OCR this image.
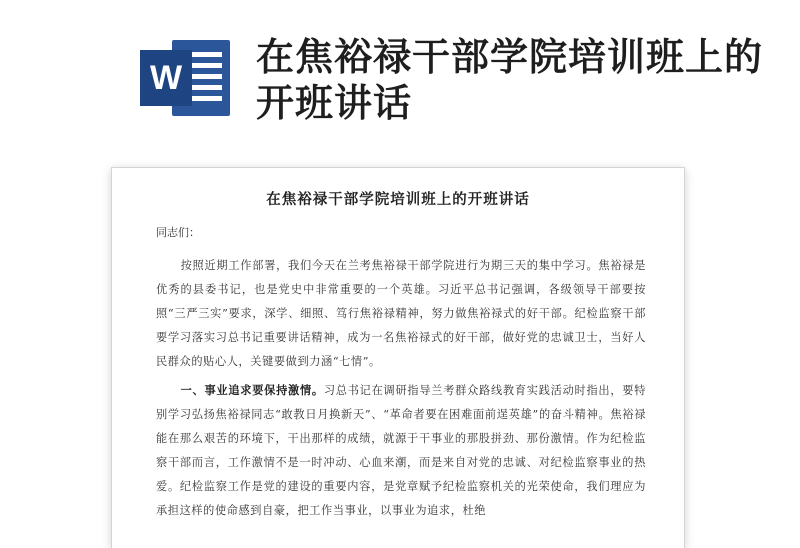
W 在焦裕禄干部学院培训班上的开班讲话
在焦裕禄干部学院培训班上的开班讲话
同志们：

按照近期工作部署，我们今天在兰考焦裕禄干部学院进行为期三天的集中学习。焦裕禄是优秀的县委书记，也是党史中非常重要的一个英雄。习近平总书记强调，各级领导干部要按照“三严三实”要求，深学、细照、笃行焦裕禄精神，努力做焦裕禄式的好干部。纪检监察干部要学习落实习总书记重要讲话精神，成为一名焦裕禄式的好干部，做好党的忠诚卫士，当好人民群众的贴心人，关键要做到力涵“七情”。

一、事业追求要保持激情。习总书记在调研指导兰考群众路线教育实践活动时指出，要特别学习弘扬焦裕禄同志“敢教日月换新天”、“革命者要在困难面前逞英雄”的奋斗精神。焦裕禄能在那么艰苦的环境下，干出那样的成绩，就源于干事业的那股拼劲、那份激情。作为纪检监察干部而言，工作激情不是一时冲动、心血来潮，而是来自对党的忠诚、对纪检监察事业的热爱。纪检监察工作是党的建设的重要内容，是党章赋予纪检监察机关的光荣使命，我们理应为承担这样的使命感到自豪，把工作当事业，以事业为追求，杜绝
